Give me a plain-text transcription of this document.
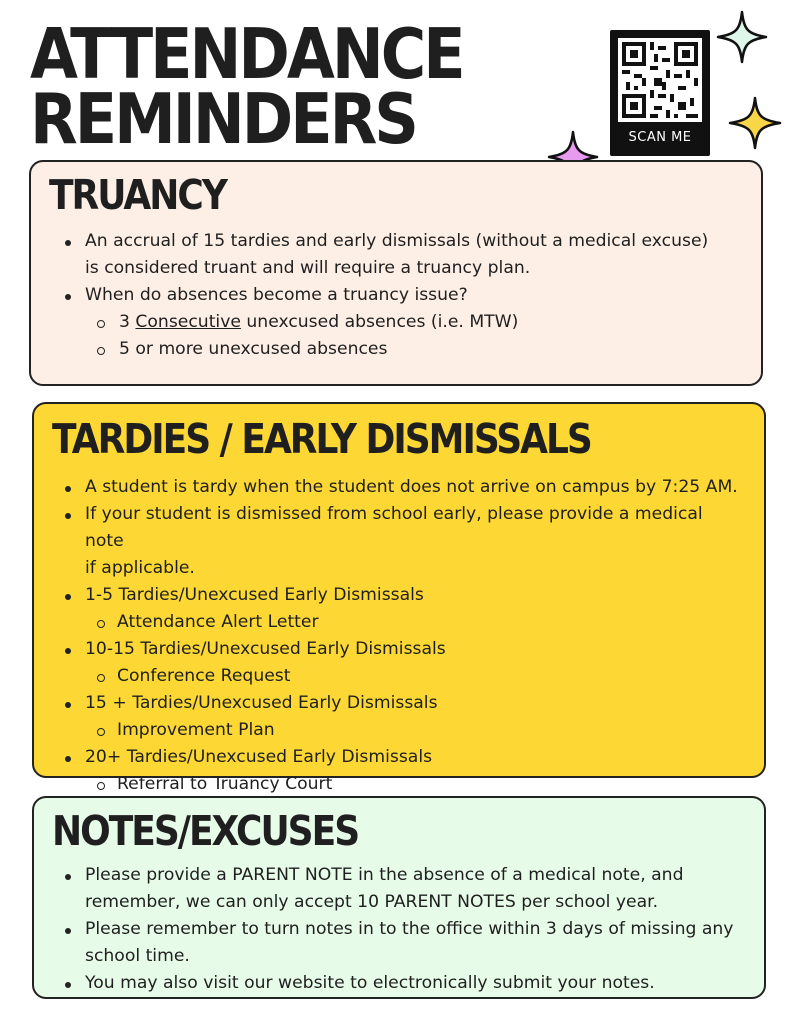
ATTENDANCE
REMINDERS	SCAN ME
TRUANCY
An accrual of 15 tardies and early dismissals (without a medical excuse)
is considered truant and will require a truancy plan.
When do absences become a truancy issue?
3 Consecutive unexcused absences (i.e. MTW)
5 or more unexcused absences
TARDIES / EARLY DISMISSALS
A student is tardy when the student does not arrive on campus by 7:25 AM.
If your student is dismissed from school early, please provide a medical note
if applicable.
1-5 Tardies/Unexcused Early Dismissals
Attendance Alert Letter
10-15 Tardies/Unexcused Early Dismissals
Conference Request
15 + Tardies/Unexcused Early Dismissals
Improvement Plan
20+ Tardies/Unexcused Early Dismissals
Referral to Truancy Court
NOTES/EXCUSES
Please provide a PARENT NOTE in the absence of a medical note, and
remember, we can only accept 10 PARENT NOTES per school year.
Please remember to turn notes in to the office within 3 days of missing any
school time.
You may also visit our website to electronically submit your notes.
